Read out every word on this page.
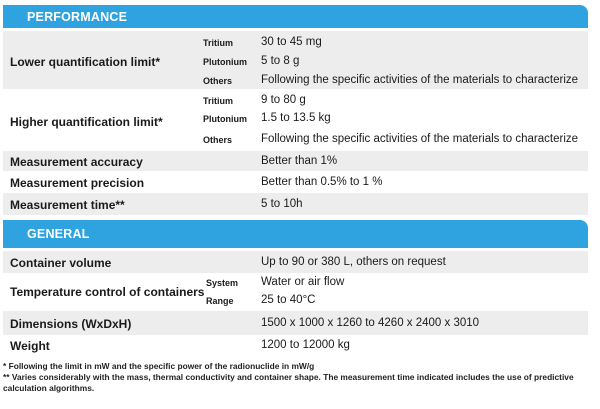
PERFORMANCE
Lower quantification limit*
Tritium 30 to 45 mg
Plutonium 5 to 8 g
Others	Following the specific activities of the materials to characterize
Higher quantification limit*
Tritium 9 to 80 g
Plutonium 1.5 to 13.5 kg
Others	Following the specific activities of the materials to characterize
Measurement accuracy	Better than 1%
Measurement precision	Better than 0.5% to 1 %
Measurement time**	5 to 10h
GENERAL
Container volume	Up to 90 or 380 L, others on request
Temperature control of containers
System Water or air flow
Range 25 to 40°C
Dimensions (WxDxH)	1500 x 1000 x 1260 to 4260 x 2400 x 3010
Weight	1200 to 12000 kg
* Following the limit in mW and the specific power of the radionuclide in mW/g
** Varies considerably with the mass, thermal conductivity and container shape. The measurement time indicated includes the use of predictive calculation algorithms.
